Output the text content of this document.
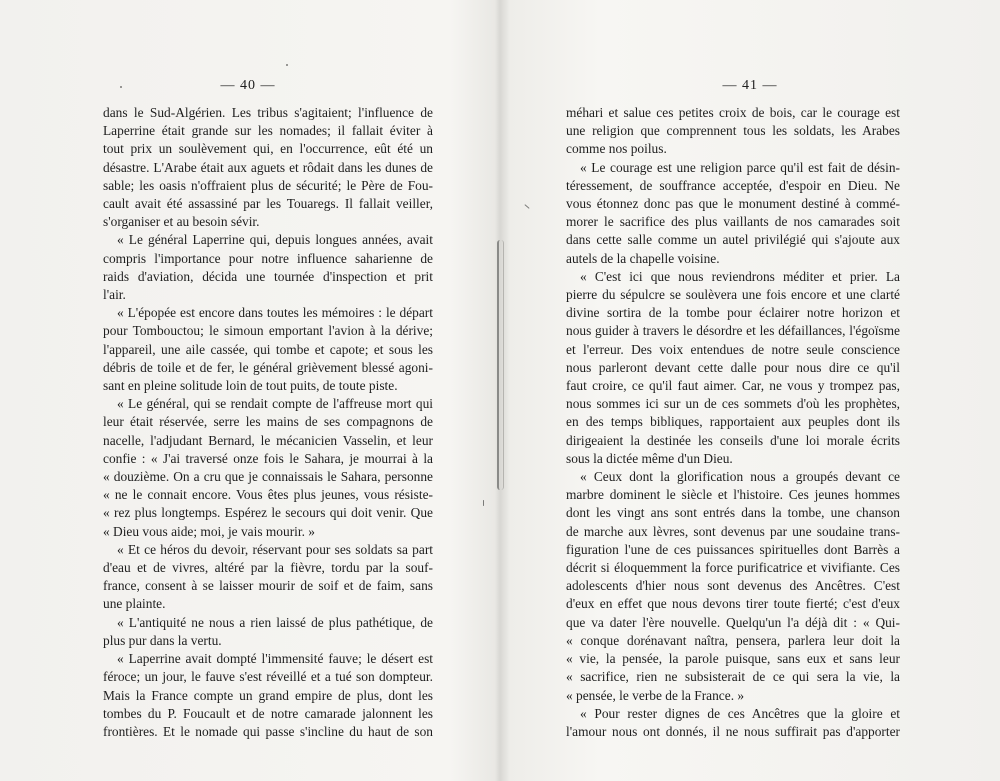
— 40 —

dans le Sud-Algérien. Les tribus s'agitaient; l'influence de

Laperrine était grande sur les nomades; il fallait éviter à

tout prix un soulèvement qui, en l'occurrence, eût été un

désastre. L'Arabe était aux aguets et rôdait dans les dunes de

sable; les oasis n'offraient plus de sécurité; le Père de Fou-

cault avait été assassiné par les Touaregs. Il fallait veiller,

s'organiser et au besoin sévir.

« Le général Laperrine qui, depuis longues années, avait

compris l'importance pour notre influence saharienne de

raids d'aviation, décida une tournée d'inspection et prit

l'air.

« L'épopée est encore dans toutes les mémoires : le départ

pour Tombouctou; le simoun emportant l'avion à la dérive;

l'appareil, une aile cassée, qui tombe et capote; et sous les

débris de toile et de fer, le général grièvement blessé agoni-

sant en pleine solitude loin de tout puits, de toute piste.

« Le général, qui se rendait compte de l'affreuse mort qui

leur était réservée, serre les mains de ses compagnons de

nacelle, l'adjudant Bernard, le mécanicien Vasselin, et leur

confie : « J'ai traversé onze fois le Sahara, je mourrai à la

« douzième. On a cru que je connaissais le Sahara, personne

« ne le connait encore. Vous êtes plus jeunes, vous résiste-

« rez plus longtemps. Espérez le secours qui doit venir. Que

« Dieu vous aide; moi, je vais mourir. »

« Et ce héros du devoir, réservant pour ses soldats sa part

d'eau et de vivres, altéré par la fièvre, tordu par la souf-

france, consent à se laisser mourir de soif et de faim, sans

une plainte.

« L'antiquité ne nous a rien laissé de plus pathétique, de

plus pur dans la vertu.

« Laperrine avait dompté l'immensité fauve; le désert est

féroce; un jour, le fauve s'est réveillé et a tué son dompteur.

Mais la France compte un grand empire de plus, dont les

tombes du P. Foucault et de notre camarade jalonnent les

frontières. Et le nomade qui passe s'incline du haut de son

— 41 —

méhari et salue ces petites croix de bois, car le courage est

une religion que comprennent tous les soldats, les Arabes

comme nos poilus.

« Le courage est une religion parce qu'il est fait de désin-

téressement, de souffrance acceptée, d'espoir en Dieu. Ne

vous étonnez donc pas que le monument destiné à commé-

morer le sacrifice des plus vaillants de nos camarades soit

dans cette salle comme un autel privilégié qui s'ajoute aux

autels de la chapelle voisine.

« C'est ici que nous reviendrons méditer et prier. La

pierre du sépulcre se soulèvera une fois encore et une clarté

divine sortira de la tombe pour éclairer notre horizon et

nous guider à travers le désordre et les défaillances, l'égoïsme

et l'erreur. Des voix entendues de notre seule conscience

nous parleront devant cette dalle pour nous dire ce qu'il

faut croire, ce qu'il faut aimer. Car, ne vous y trompez pas,

nous sommes ici sur un de ces sommets d'où les prophètes,

en des temps bibliques, rapportaient aux peuples dont ils

dirigeaient la destinée les conseils d'une loi morale écrits

sous la dictée même d'un Dieu.

« Ceux dont la glorification nous a groupés devant ce

marbre dominent le siècle et l'histoire. Ces jeunes hommes

dont les vingt ans sont entrés dans la tombe, une chanson

de marche aux lèvres, sont devenus par une soudaine trans-

figuration l'une de ces puissances spirituelles dont Barrès a

décrit si éloquemment la force purificatrice et vivifiante. Ces

adolescents d'hier nous sont devenus des Ancêtres. C'est

d'eux en effet que nous devons tirer toute fierté; c'est d'eux

que va dater l'ère nouvelle. Quelqu'un l'a déjà dit : « Qui-

« conque dorénavant naîtra, pensera, parlera leur doit la

« vie, la pensée, la parole puisque, sans eux et sans leur

« sacrifice, rien ne subsisterait de ce qui sera la vie, la

« pensée, le verbe de la France. »

« Pour rester dignes de ces Ancêtres que la gloire et

l'amour nous ont donnés, il ne nous suffirait pas d'apporter
